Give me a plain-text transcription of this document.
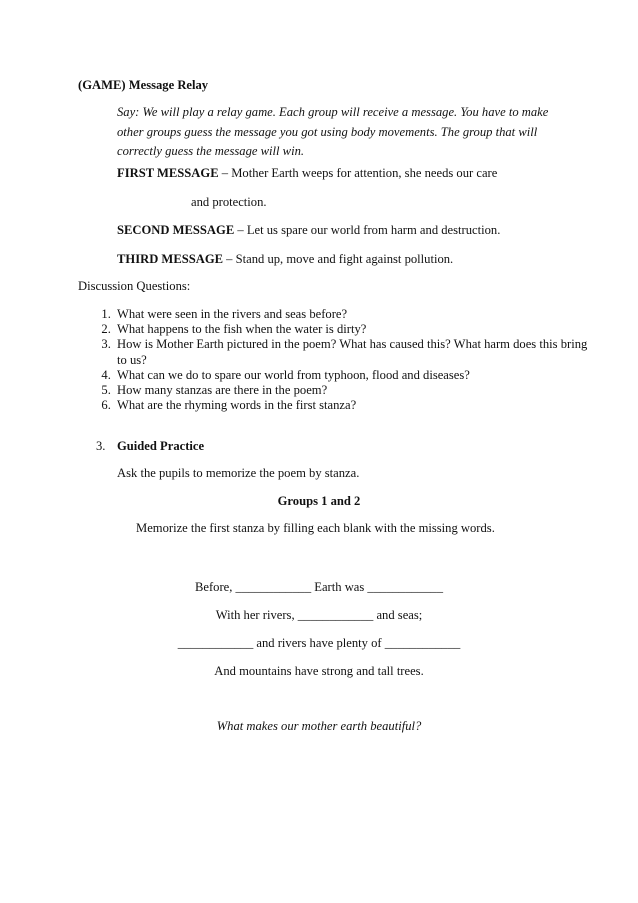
(GAME) Message Relay
Say: We will play a relay game. Each group will receive a message. You have to make other groups guess the message you got using body movements. The group that will correctly guess the message will win.
FIRST MESSAGE – Mother Earth weeps for attention, she needs our care
and protection.
SECOND MESSAGE – Let us spare our world from harm and destruction.
THIRD MESSAGE – Stand up, move and fight against pollution.
Discussion Questions:
1. What were seen in the rivers and seas before?
2. What happens to the fish when the water is dirty?
3. How is Mother Earth pictured in the poem? What has caused this? What harm does this bring to us?
4. What can we do to spare our world from typhoon, flood and diseases?
5. How many stanzas are there in the poem?
6. What are the rhyming words in the first stanza?
3. Guided Practice
Ask the pupils to memorize the poem by stanza.
Groups 1 and 2
Memorize the first stanza by filling each blank with the missing words.
Before, ____________ Earth was ____________
With her rivers, ____________ and seas;
____________ and rivers have plenty of ____________
And mountains have strong and tall trees.
What makes our mother earth beautiful?
